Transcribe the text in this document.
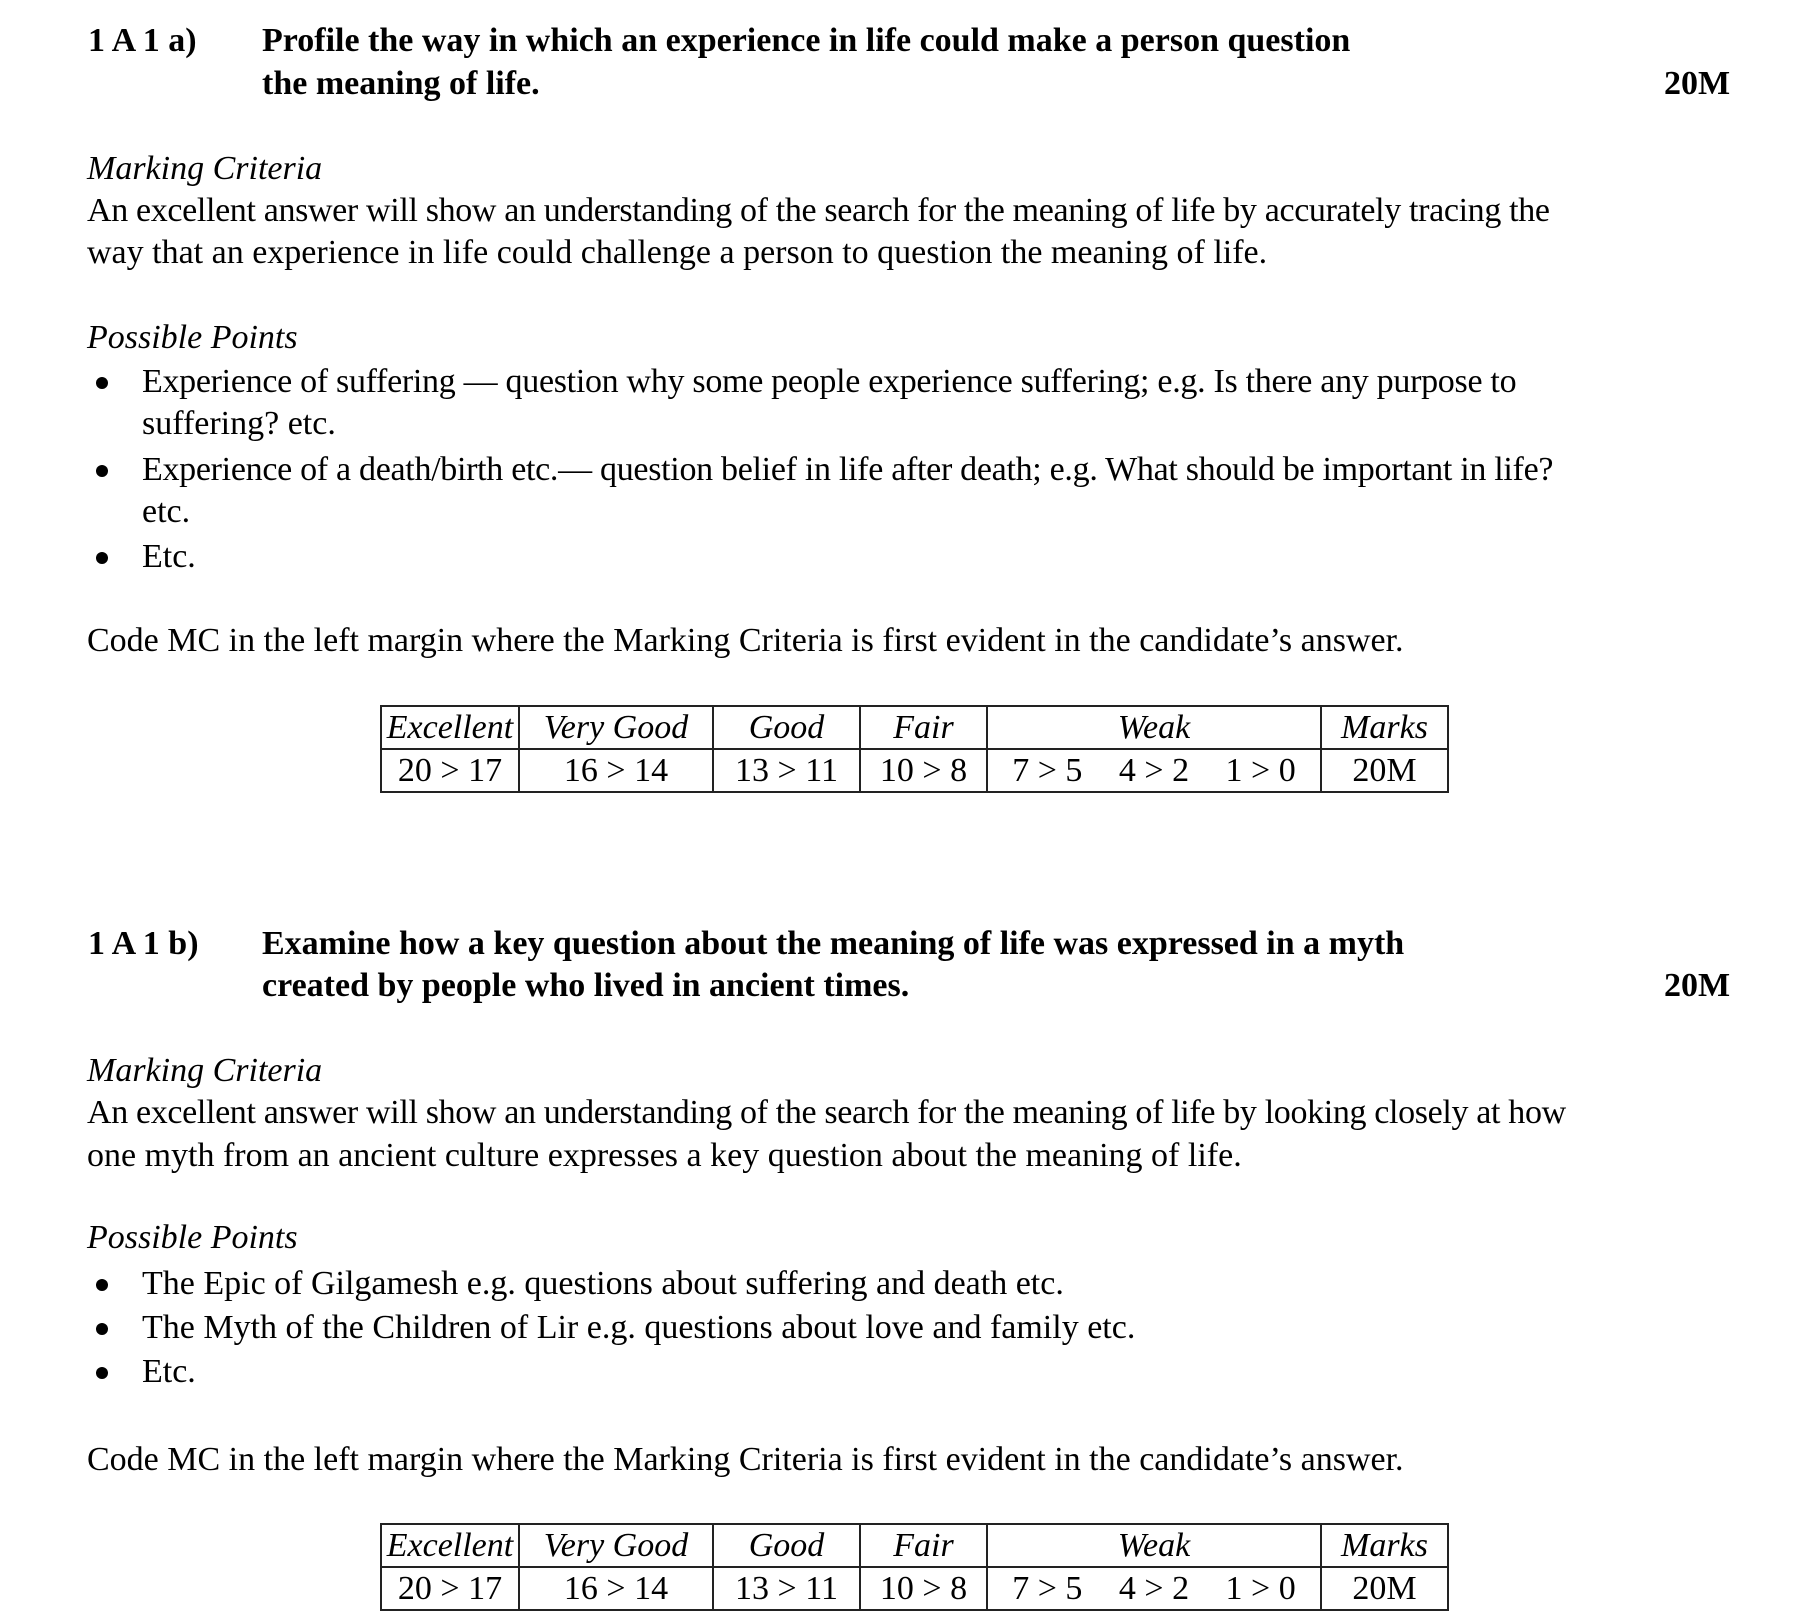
1 A 1 a) Profile the way in which an experience in life could make a person question
the meaning of life.	20M
Marking Criteria
An excellent answer will show an understanding of the search for the meaning of life by accurately tracing the
way that an experience in life could challenge a person to question the meaning of life.
Possible Points
Experience of suffering — question why some people experience suffering; e.g. Is there any purpose to
suffering? etc.
Experience of a death/birth etc.— question belief in life after death; e.g. What should be important in life?
etc.
Etc.
Code MC in the left margin where the Marking Criteria is first evident in the candidate’s answer.
Excellent	Very Good	Good	Fair	Weak	Marks
20 > 17	16 > 14	13 > 11	10 > 8	7 > 5 4 > 2 1 > 0	20M
1 A 1 b) Examine how a key question about the meaning of life was expressed in a myth
created by people who lived in ancient times.	20M
Marking Criteria
An excellent answer will show an understanding of the search for the meaning of life by looking closely at how
one myth from an ancient culture expresses a key question about the meaning of life.
Possible Points
The Epic of Gilgamesh e.g. questions about suffering and death etc.
The Myth of the Children of Lir e.g. questions about love and family etc.
Etc.
Code MC in the left margin where the Marking Criteria is first evident in the candidate’s answer.
Excellent	Very Good	Good	Fair	Weak	Marks
20 > 17	16 > 14	13 > 11	10 > 8	7 > 5 4 > 2 1 > 0	20M
